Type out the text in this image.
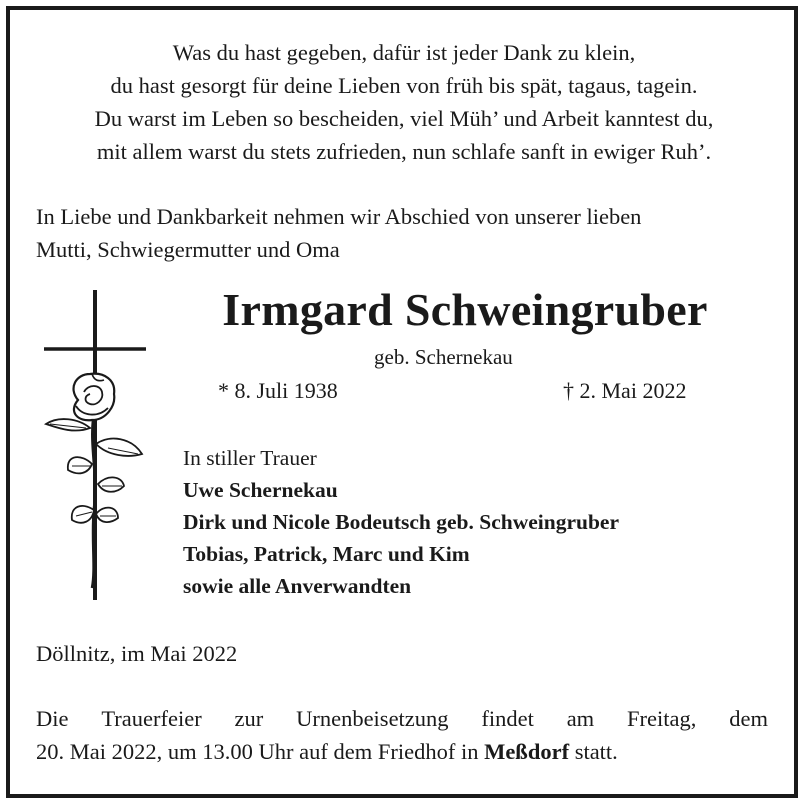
Was du hast gegeben, dafür ist jeder Dank zu klein,
du hast gesorgt für deine Lieben von früh bis spät, tagaus, tagein.
Du warst im Leben so bescheiden, viel Müh’ und Arbeit kanntest du,
mit allem warst du stets zufrieden, nun schlafe sanft in ewiger Ruh’.
In Liebe und Dankbarkeit nehmen wir Abschied von unserer lieben
Mutti, Schwiegermutter und Oma
Irmgard Schweingruber
geb. Schernekau
* 8. Juli 1938	† 2. Mai 2022
In stiller Trauer
Uwe Schernekau
Dirk und Nicole Bodeutsch geb. Schweingruber
Tobias, Patrick, Marc und Kim
sowie alle Anverwandten
Döllnitz, im Mai 2022
Die Trauerfeier zur Urnenbeisetzung findet am Freitag, dem
20. Mai 2022, um 13.00 Uhr auf dem Friedhof in Meßdorf statt.
